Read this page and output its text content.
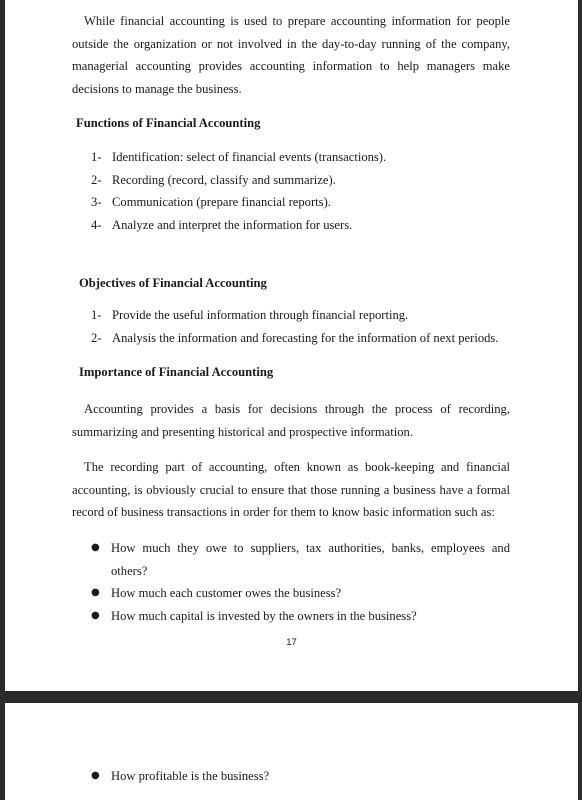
While financial accounting is used to prepare accounting information for people outside the organization or not involved in the day-to-day running of the company, managerial accounting provides accounting information to help managers make decisions to manage the business.

Functions of Financial Accounting
1- Identification: select of financial events (transactions).
2- Recording (record, classify and summarize).
3- Communication (prepare financial reports).
4- Analyze and interpret the information for users.
Objectives of Financial Accounting
1- Provide the useful information through financial reporting.
2- Analysis the information and forecasting for the information of next periods.
Importance of Financial Accounting

Accounting provides a basis for decisions through the process of recording, summarizing and presenting historical and prospective information.

The recording part of accounting, often known as book-keeping and financial accounting, is obviously crucial to ensure that those running a business have a formal record of business transactions in order for them to know basic information such as:

● How much they owe to suppliers, tax authorities, banks, employees and others?
● How much each customer owes the business?
● How much capital is invested by the owners in the business?

17

● How profitable is the business?
